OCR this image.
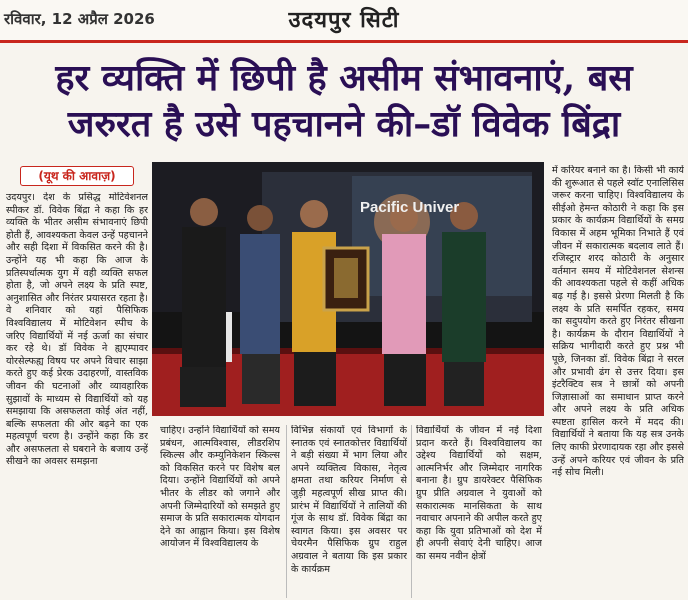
रविवार, 12 अप्रैल 2026	उदयपुर सिटी
हर व्यक्ति में छिपी है असीम संभावनाएं, बस
जरुरत है उसे पहचानने की–डॉ विवेक बिंद्रा
(यूथ की आवाज़)

उदयपुर। देश के प्रसिद्ध मोटिवेशनल स्पीकर डॉ. विवेक बिंद्रा ने कहा कि हर व्यक्ति के भीतर असीम संभावनाएं छिपी होती हैं, आवश्यकता केवल उन्हें पहचानने और सही दिशा में विकसित करने की है। उन्होंने यह भी कहा कि आज के प्रतिस्पर्धात्मक युग में वही व्यक्ति सफल होता है, जो अपने लक्ष्य के प्रति स्पष्ट, अनुशासित और निरंतर प्रयासरत रहता है। वे शनिवार को यहां पैसिफिक विश्वविद्यालय में मोटिवेशन स्पीच के जरिए विद्यार्थियों में नई ऊर्जा का संचार कर रहे थे। डॉ विवेक ने ह्यएम्पावर योरसेल्फह्य विषय पर अपने विचार साझा करते हुए कई प्रेरक उदाहरणों, वास्तविक जीवन की घटनाओं और व्यावहारिक सुझावों के माध्यम से विद्यार्थियों को यह समझाया कि असफलता कोई अंत नहीं, बल्कि सफलता की ओर बढ़ने का एक महत्वपूर्ण चरण है। उन्होंने कहा कि डर और असफलता से घबराने के बजाय उन्हें सीखने का अवसर समझना

Pacific Univer

चाहिए। उन्होंने विद्यार्थियों को समय प्रबंधन, आत्मविश्वास, लीडरशिप स्किल्स और कम्युनिकेशन स्किल्स को विकसित करने पर विशेष बल दिया। उन्होंने विद्यार्थियों को अपने भीतर के लीडर को जगाने और अपनी जिम्मेदारियों को समझते हुए समाज के प्रति सकारात्मक योगदान देने का आह्वान किया। इस विशेष आयोजन में विश्वविद्यालय के

विभिन्न संकायों एवं विभागों के स्नातक एवं स्नातकोत्तर विद्यार्थियों ने बड़ी संख्या में भाग लिया और अपने व्यक्तित्व विकास, नेतृत्व क्षमता तथा करियर निर्माण से जुड़ी महत्वपूर्ण सीख प्राप्त की। प्रारंभ में विद्यार्थियों ने तालियों की गूंज के साथ डॉ. विवेक बिंद्रा का स्वागत किया। इस अवसर पर चेयरमैन पैसिफिक ग्रुप राहुल अग्रवाल ने बताया कि इस प्रकार के कार्यक्रम

विद्यार्थियों के जीवन में नई दिशा प्रदान करते हैं। विश्वविद्यालय का उद्देश्य विद्यार्थियों को सक्षम, आत्मनिर्भर और जिम्मेदार नागरिक बनाना है। ग्रुप डायरेक्टर पैसिफिक ग्रुप प्रीति अग्रवाल ने युवाओं को सकारात्मक मानसिकता के साथ नवाचार अपनाने की अपील करते हुए कहा कि युवा प्रतिभाओं को देश में ही अपनी सेवाएं देनी चाहिए। आज का समय नवीन क्षेत्रों

में करियर बनाने का है। किसी भी कार्य की शुरूआत से पहले स्वॉट एनालिसिस जरूर करना चाहिए। विश्वविद्यालय के सीईओ हेमन्त कोठारी ने कहा कि इस प्रकार के कार्यक्रम विद्यार्थियों के समग्र विकास में अहम भूमिका निभाते हैं एवं जीवन में सकारात्मक बदलाव लाते हैं। रजिस्ट्रार शरद कोठारी के अनुसार वर्तमान समय में मोटिवेशनल सेशन्स की आवश्यकता पहले से कहीं अधिक बढ़ गई है। इससे प्रेरणा मिलती है कि लक्ष्य के प्रति समर्पित रहकर, समय का सदुपयोग करते हुए निरंतर सीखना है। कार्यक्रम के दौरान विद्यार्थियों ने सक्रिय भागीदारी करते हुए प्रश्न भी पूछे, जिनका डॉ. विवेक बिंद्रा ने सरल और प्रभावी ढंग से उत्तर दिया। इस इंटरैक्टिव सत्र ने छात्रों को अपनी जिज्ञासाओं का समाधान प्राप्त करने और अपने लक्ष्य के प्रति अधिक स्पष्टता हासिल करने में मदद की। विद्यार्थियों ने बताया कि यह सत्र उनके लिए काफी प्रेरणादायक रहा और इससे उन्हें अपने करियर एवं जीवन के प्रति नई सोच मिली।
